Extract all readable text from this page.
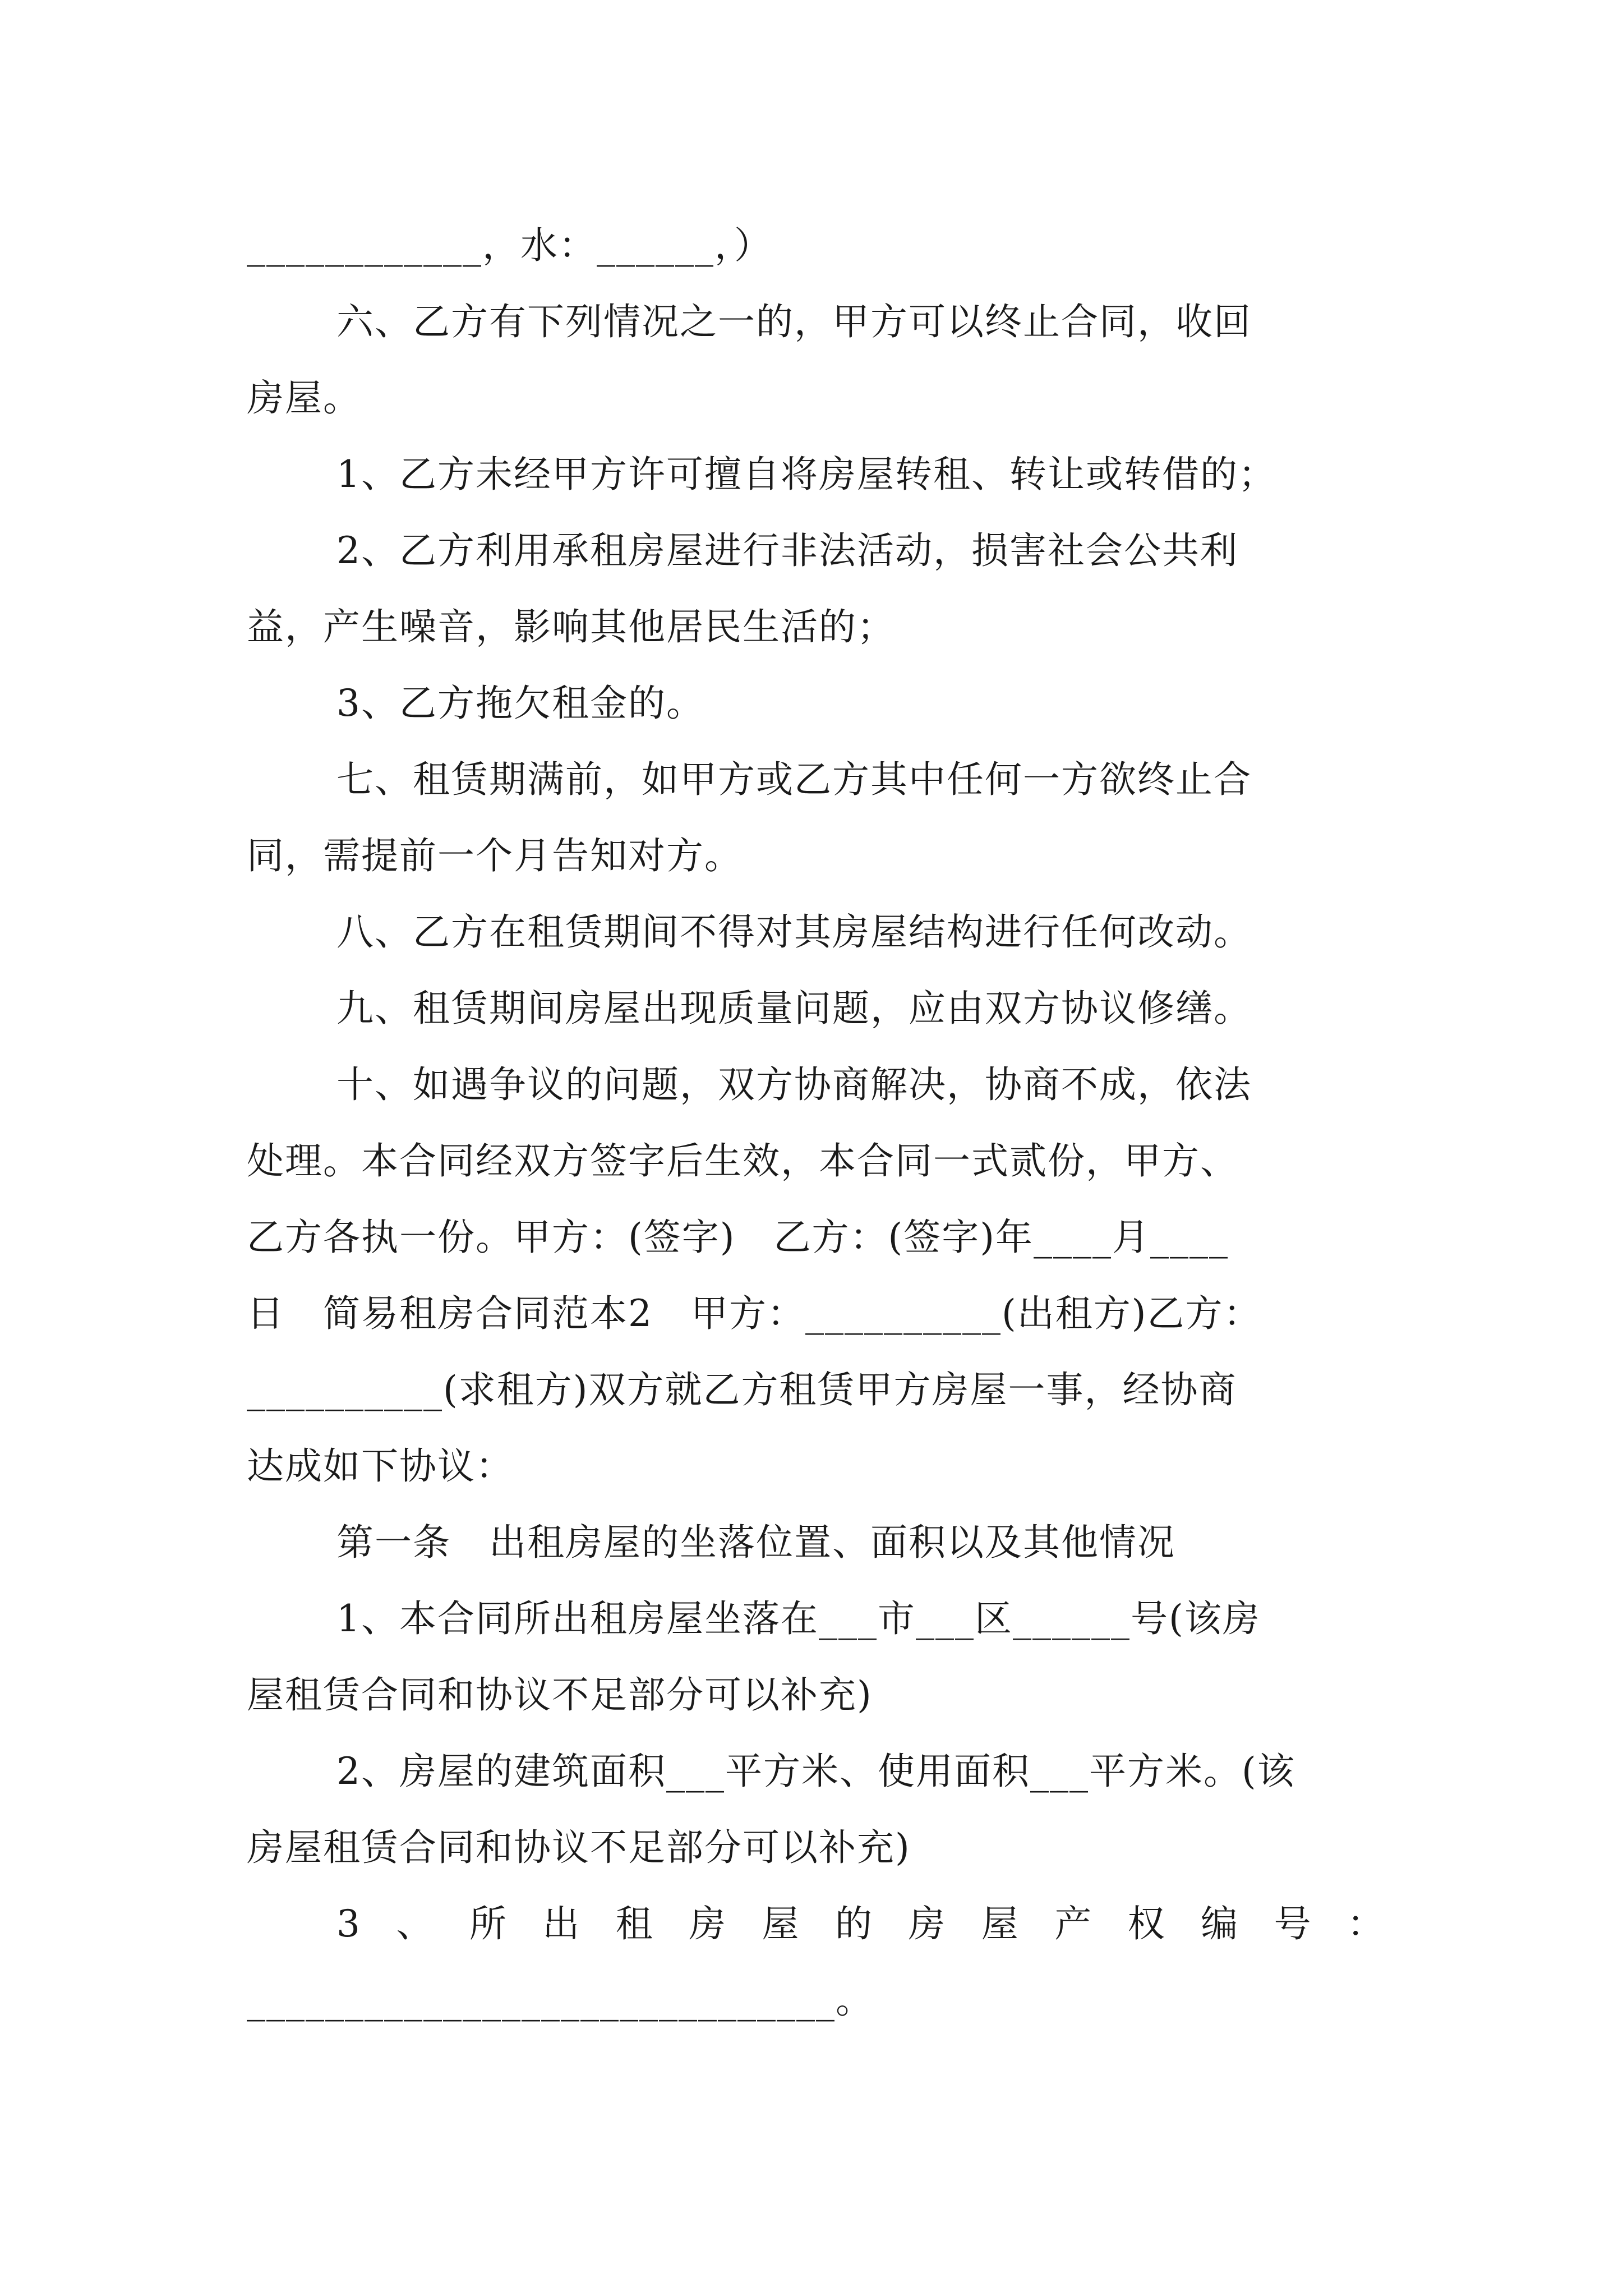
____________，水：______，）
六、乙方有下列情况之一的，甲方可以终止合同，收回
房屋。
1、乙方未经甲方许可擅自将房屋转租、转让或转借的；
2、乙方利用承租房屋进行非法活动，损害社会公共利
益，产生噪音，影响其他居民生活的；
3、乙方拖欠租金的。
七、租赁期满前，如甲方或乙方其中任何一方欲终止合
同，需提前一个月告知对方。
八、乙方在租赁期间不得对其房屋结构进行任何改动。
九、租赁期间房屋出现质量问题，应由双方协议修缮。
十、如遇争议的问题，双方协商解决，协商不成，依法
处理。本合同经双方签字后生效，本合同一式贰份，甲方、
乙方各执一份。甲方：(签字)　乙方：(签字)年____月____
日　简易租房合同范本2　甲方：__________(出租方)乙方：
__________(求租方)双方就乙方租赁甲方房屋一事，经协商
达成如下协议：
第一条　出租房屋的坐落位置、面积以及其他情况
1、本合同所出租房屋坐落在___市___区______号(该房
屋租赁合同和协议不足部分可以补充)
2、房屋的建筑面积___平方米、使用面积___平方米。(该
房屋租赁合同和协议不足部分可以补充)
3 、 所 出 租 房 屋 的 房 屋 产 权 编 号 ：
______________________________。
